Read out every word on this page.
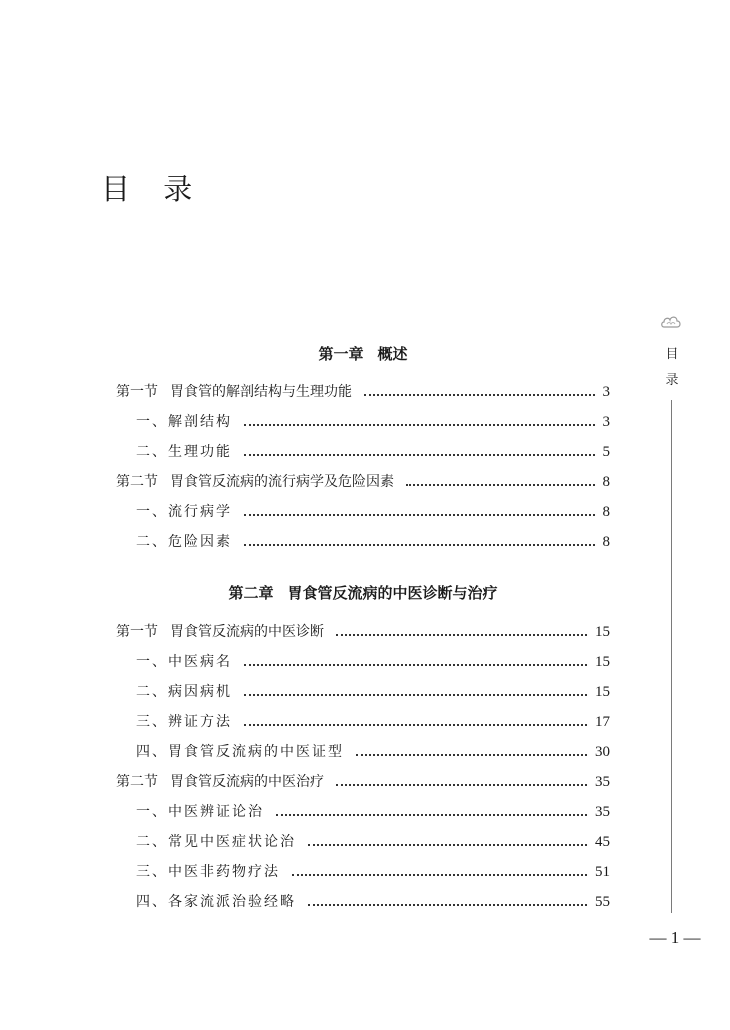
目 录
第一章 概述
第一节 胃食管的解剖结构与生理功能	3
一、解剖结构	3
二、生理功能	5
第二节 胃食管反流病的流行病学及危险因素	8
一、流行病学	8
二、危险因素	8
第二章 胃食管反流病的中医诊断与治疗
第一节 胃食管反流病的中医诊断	15
一、中医病名	15
二、病因病机	15
三、辨证方法	17
四、胃食管反流病的中医证型	30
第二节 胃食管反流病的中医治疗	35
一、中医辨证论治	35
二、常见中医症状论治	45
三、中医非药物疗法	51
四、各家流派治验经略	55
目
录
— 1 —
